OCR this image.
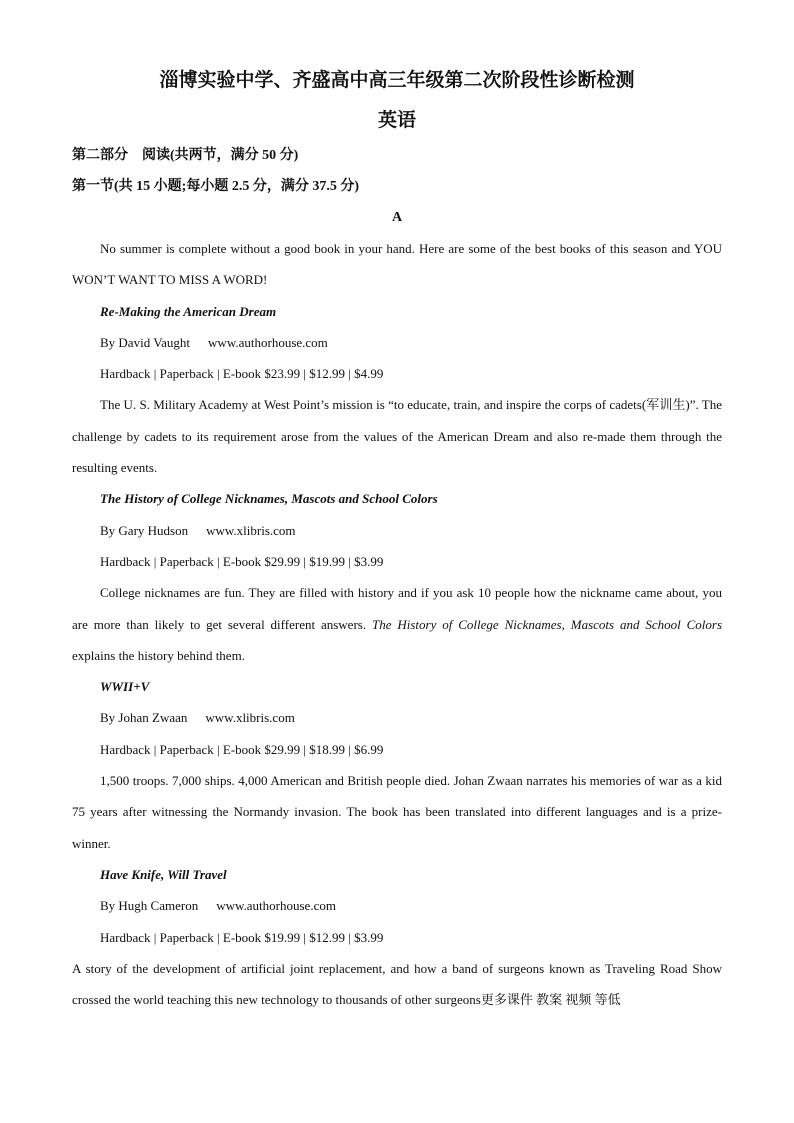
淄博实验中学、齐盛高中高三年级第二次阶段性诊断检测
英语
第二部分 阅读(共两节，满分 50 分)
第一节(共 15 小题;每小题 2.5 分，满分 37.5 分)
A

No summer is complete without a good book in your hand. Here are some of the best books of this season and YOU WON’T WANT TO MISS A WORD!

Re-Making the American Dream
By David Vaught www.authorhouse.com
Hardback | Paperback | E-book $23.99 | $12.99 | $4.99

The U. S. Military Academy at West Point’s mission is “to educate, train, and inspire the corps of cadets(军训生)”. The challenge by cadets to its requirement arose from the values of the American Dream and also re-made them through the resulting events.

The History of College Nicknames, Mascots and School Colors
By Gary Hudson www.xlibris.com
Hardback | Paperback | E-book $29.99 | $19.99 | $3.99

College nicknames are fun. They are filled with history and if you ask 10 people how the nickname came about, you are more than likely to get several different answers. The History of College Nicknames, Mascots and School Colors explains the history behind them.

WWII+V
By Johan Zwaan www.xlibris.com
Hardback | Paperback | E-book $29.99 | $18.99 | $6.99

1,500 troops. 7,000 ships. 4,000 American and British people died. Johan Zwaan narrates his memories of war as a kid 75 years after witnessing the Normandy invasion. The book has been translated into different languages and is a prize-winner.

Have Knife, Will Travel
By Hugh Cameron www.authorhouse.com
Hardback | Paperback | E-book $19.99 | $12.99 | $3.99

A story of the development of artificial joint replacement, and how a band of surgeons known as Traveling Road Show crossed the world teaching this new technology to thousands of other surgeons更多课件 教案 视频 等低
